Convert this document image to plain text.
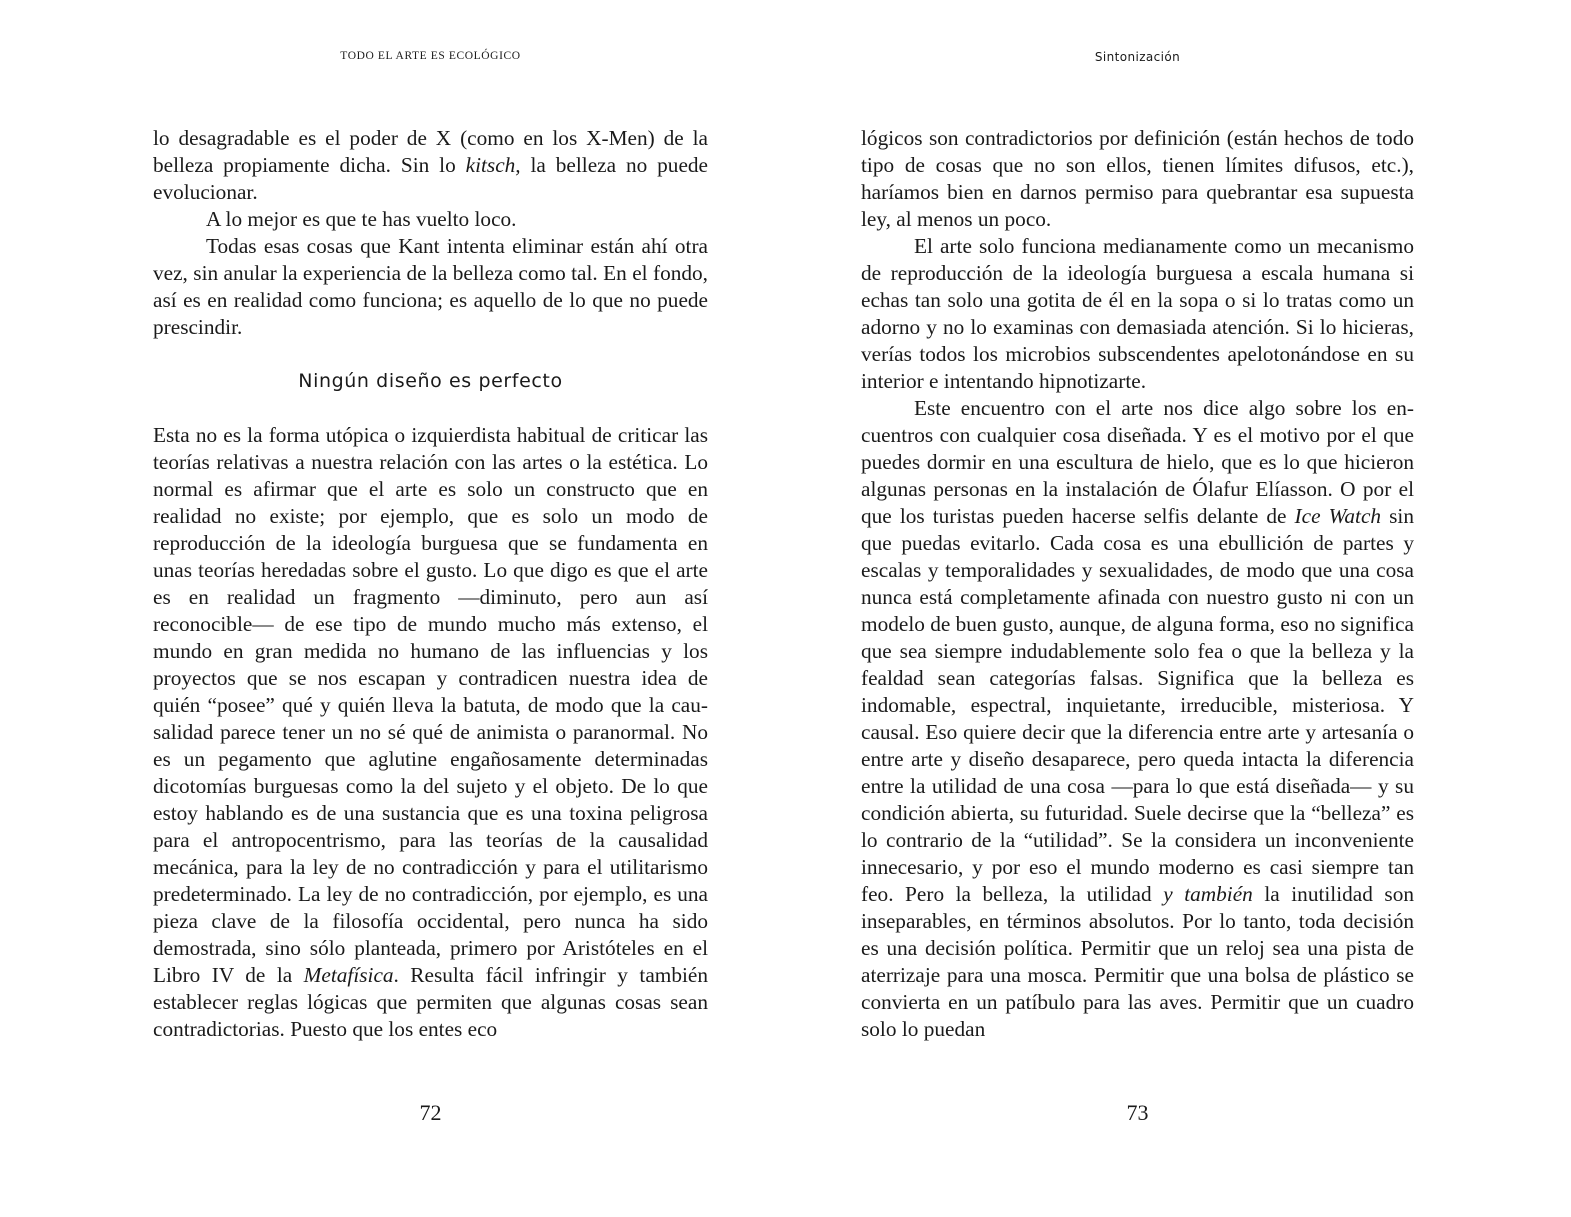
TODO EL ARTE ES ECOLÓGICO

lo desagradable es el poder de X (como en los X-Men) de la belleza propiamente dicha. Sin lo kitsch, la belleza no puede evolucionar.

A lo mejor es que te has vuelto loco.

Todas esas cosas que Kant intenta eliminar están ahí otra vez, sin anular la experiencia de la belleza como tal. En el fondo, así es en realidad como funciona; es aquello de lo que no puede prescindir.

Ningún diseño es perfecto

Esta no es la forma utópica o izquierdista habitual de criticar las teorías relativas a nuestra relación con las artes o la estética. Lo normal es afirmar que el arte es solo un constructo que en realidad no existe; por ejemplo, que es solo un modo de reproducción de la ideología burguesa que se fundamenta en unas teorías heredadas sobre el gusto. Lo que digo es que el arte es en realidad un fragmento —diminuto, pero aun así reconocible— de ese tipo de mundo mucho más extenso, el mundo en gran medida no humano de las influencias y los proyectos que se nos escapan y contradicen nuestra idea de quién “posee” qué y quién lleva la batuta, de modo que la causalidad parece tener un no sé qué de animista o paranormal. No es un pegamento que aglutine engañosamente determinadas dicotomías burguesas como la del sujeto y el objeto. De lo que estoy hablando es de una sustancia que es una toxina peligrosa para el antropocentrismo, para las teorías de la causalidad mecánica, para la ley de no contradicción y para el utilitarismo predeterminado. La ley de no contradicción, por ejemplo, es una pieza clave de la filosofía occidental, pero nunca ha sido demostrada, sino sólo planteada, primero por Aristóteles en el Libro IV de la Metafísica. Resulta fácil infringir y también establecer reglas lógicas que permiten que algunas cosas sean contradictorias. Puesto que los entes eco

72
Sintonización

lógicos son contradictorios por definición (están hechos de todo tipo de cosas que no son ellos, tienen límites difusos, etc.), haríamos bien en darnos permiso para quebrantar esa supuesta ley, al menos un poco.

El arte solo funciona medianamente como un mecanismo de reproducción de la ideología burguesa a escala humana si echas tan solo una gotita de él en la sopa o si lo tratas como un adorno y no lo examinas con demasiada atención. Si lo hicieras, verías todos los microbios subscendentes apelotonándose en su interior e intentando hipnotizarte.

Este encuentro con el arte nos dice algo sobre los encuentros con cualquier cosa diseñada. Y es el motivo por el que puedes dormir en una escultura de hielo, que es lo que hicieron algunas personas en la instalación de Ólafur Elíasson. O por el que los turistas pueden hacerse selfis delante de Ice Watch sin que puedas evitarlo. Cada cosa es una ebullición de partes y escalas y temporalidades y sexualidades, de modo que una cosa nunca está completamente afinada con nuestro gusto ni con un modelo de buen gusto, aunque, de alguna forma, eso no significa que sea siempre indudablemente solo fea o que la belleza y la fealdad sean categorías falsas. Significa que la belleza es indomable, espectral, inquietante, irreducible, misteriosa. Y causal. Eso quiere decir que la diferencia entre arte y artesanía o entre arte y diseño desaparece, pero queda intacta la diferencia entre la utilidad de una cosa —para lo que está diseñada— y su condición abierta, su futuridad. Suele decirse que la “belleza” es lo contrario de la “utilidad”. Se la considera un inconveniente innecesario, y por eso el mundo moderno es casi siempre tan feo. Pero la belleza, la utilidad y también la inutilidad son inseparables, en términos absolutos. Por lo tanto, toda decisión es una decisión política. Permitir que un reloj sea una pista de aterrizaje para una mosca. Permitir que una bolsa de plástico se convierta en un patíbulo para las aves. Permitir que un cuadro solo lo puedan

73
